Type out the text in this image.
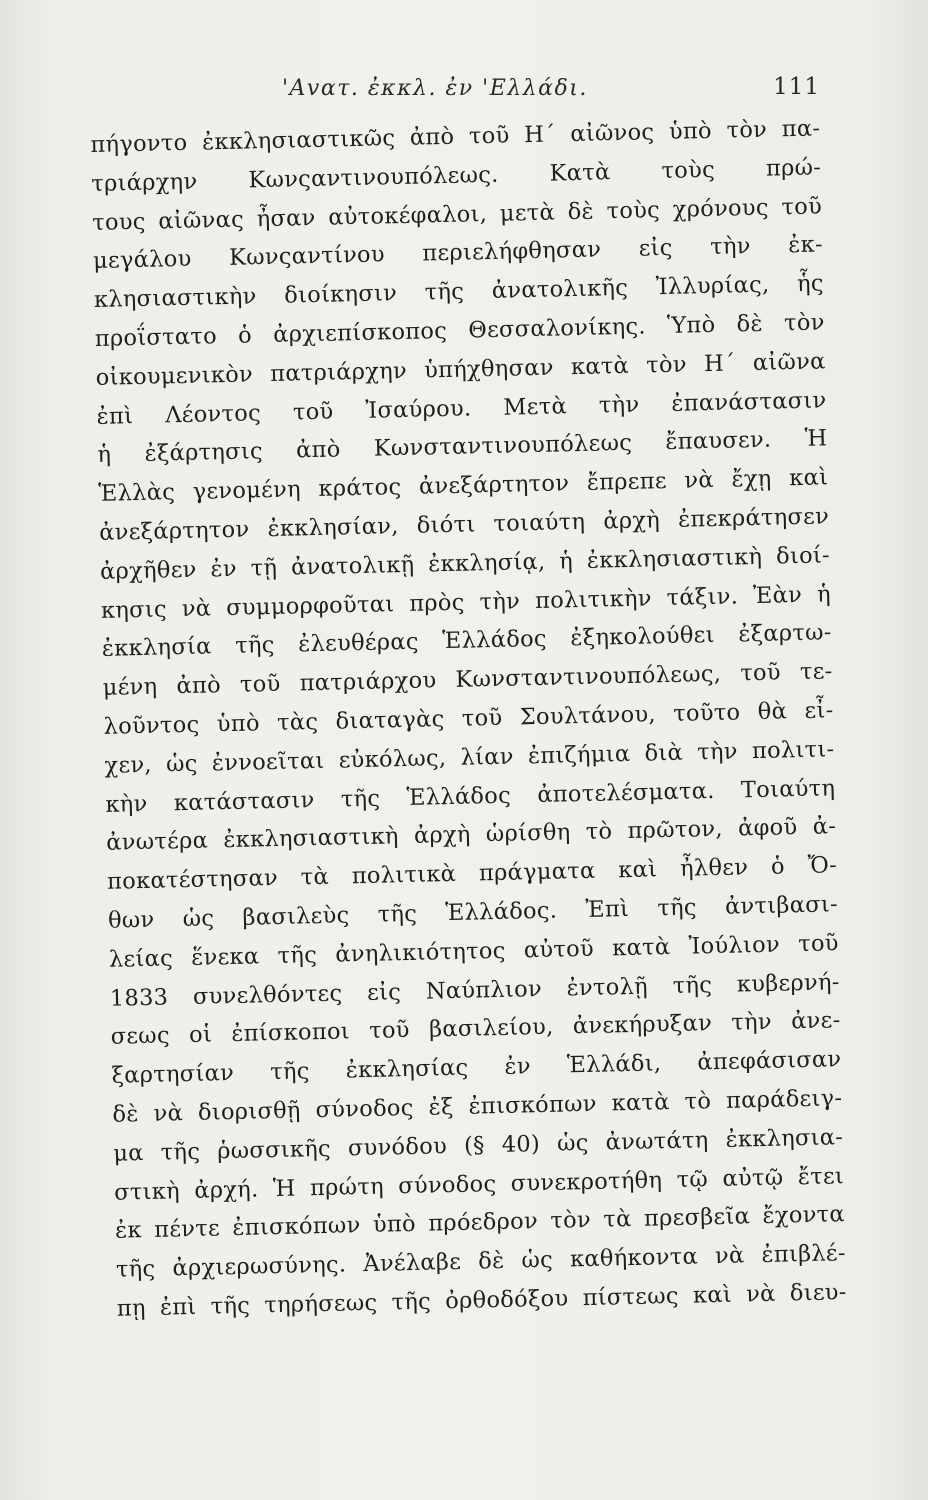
'Αvατ. ἐκκλ. ἐν 'Ελλάδι.	111
πήγοντο ἐκκλησιαστικῶς ἀπὸ τοῦ Η΄ αἰῶνος ὑπὸ τὸν πα-
τριάρχην Κωνςαντινουπόλεως. Κατὰ τοὺς πρώ-
τους αἰῶνας ἦσαν αὐτοκέφαλοι, μετὰ δὲ τοὺς χρόνους τοῦ
μεγάλου Κωνςαντίνου περιελήφθησαν εἰς τὴν ἐκ-
κλησιαστικὴν διοίκησιν τῆς ἀνατολικῆς Ἰλλυρίας, ἧς
προΐστατο ὁ ἀρχιεπίσκοπος Θεσσαλονίκης. Ὑπὸ δὲ τὸν
οἰκουμενικὸν πατριάρχην ὑπήχθησαν κατὰ τὸν Η΄ αἰῶνα
ἐπὶ Λέοντος τοῦ Ἰσαύρου. Μετὰ τὴν ἐπανάστασιν
ἡ ἐξάρτησις ἀπὸ Κωνσταντινουπόλεως ἔπαυσεν. Ἡ
Ἑλλὰς γενομένη κράτος ἀνεξάρτητον ἔπρεπε νὰ ἔχῃ καὶ
ἀνεξάρτητον ἐκκλησίαν, διότι τοιαύτη ἀρχὴ ἐπεκράτησεν
ἀρχῆθεν ἐν τῇ ἀνατολικῇ ἐκκλησίᾳ, ἡ ἐκκλησιαστικὴ διοί-
κησις νὰ συμμορφοῦται πρὸς τὴν πολιτικὴν τάξιν. Ἐὰν ἡ
ἐκκλησία τῆς ἐλευθέρας Ἑλλάδος ἐξηκολούθει ἐξαρτω-
μένη ἀπὸ τοῦ πατριάρχου Κωνσταντινουπόλεως, τοῦ τε-
λοῦντος ὑπὸ τὰς διαταγὰς τοῦ Σουλτάνου, τοῦτο θὰ εἶ-
χεν, ὡς ἐννοεῖται εὐκόλως, λίαν ἐπιζήμια διὰ τὴν πολιτι-
κὴν κατάστασιν τῆς Ἑλλάδος ἀποτελέσματα. Τοιαύτη
ἀνωτέρα ἐκκλησιαστικὴ ἀρχὴ ὡρίσθη τὸ πρῶτον, ἀφοῦ ἀ-
ποκατέστησαν τὰ πολιτικὰ πράγματα καὶ ἦλθεν ὁ Ὄ-
θων ὡς βασιλεὺς τῆς Ἑλλάδος. Ἐπὶ τῆς ἀντιβασι-
λείας ἕνεκα τῆς ἀνηλικιότητος αὐτοῦ κατὰ Ἰούλιον τοῦ
1833 συνελθόντες εἰς Ναύπλιον ἐντολῇ τῆς κυβερνή-
σεως οἱ ἐπίσκοποι τοῦ βασιλείου, ἀνεκήρυξαν τὴν ἀνε-
ξαρτησίαν τῆς ἐκκλησίας ἐν Ἑλλάδι, ἀπεφάσισαν
δὲ νὰ διορισθῇ σύνοδος ἐξ ἐπισκόπων κατὰ τὸ παράδειγ-
μα τῆς ῥωσσικῆς συνόδου (§ 40) ὡς ἀνωτάτη ἐκκλησια-
στικὴ ἀρχή. Ἡ πρώτη σύνοδος συνεκροτήθη τῷ αὐτῷ ἔτει
ἐκ πέντε ἐπισκόπων ὑπὸ πρόεδρον τὸν τὰ πρεσβεῖα ἔχοντα
τῆς ἀρχιερωσύνης. Ἀνέλαβε δὲ ὡς καθήκοντα νὰ ἐπιβλέ-
πῃ ἐπὶ τῆς τηρήσεως τῆς ὀρθοδόξου πίστεως καὶ νὰ διευ-
